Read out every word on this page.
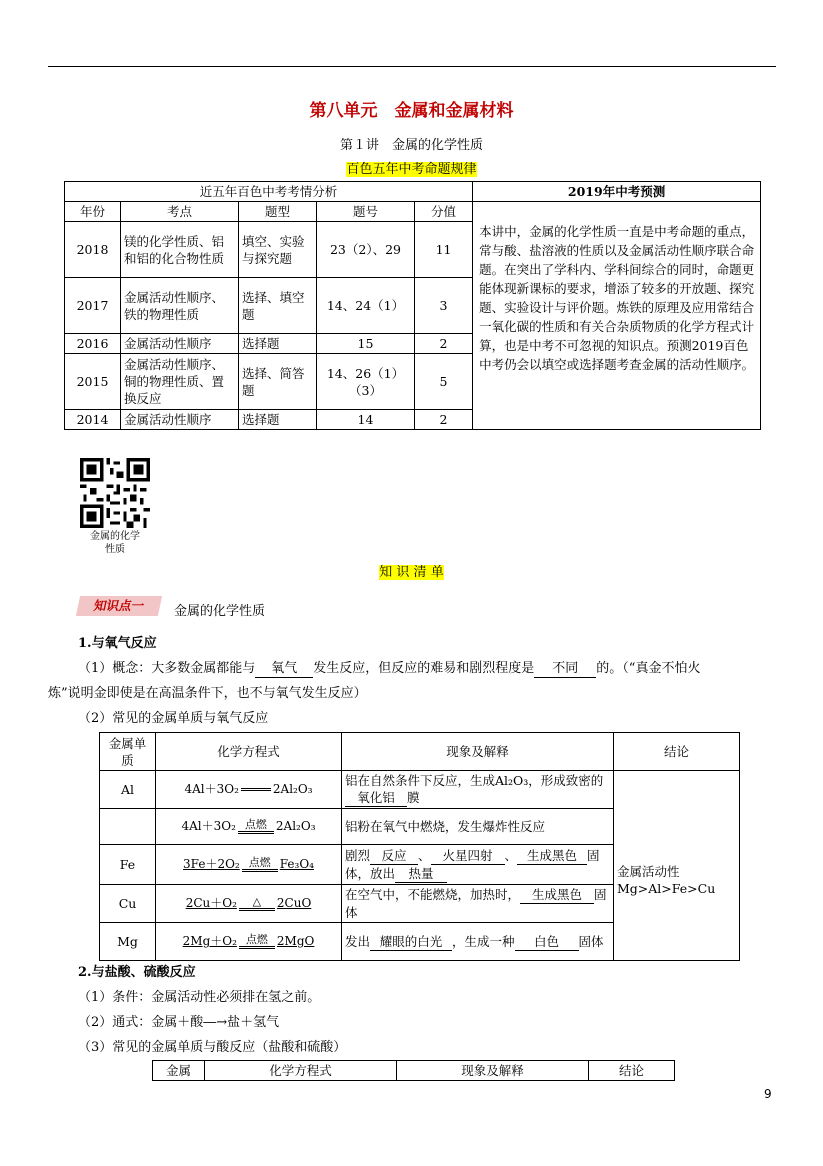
第八单元　金属和金属材料
第１讲　金属的化学性质
百色五年中考命题规律
近五年百色中考考情分析					2019年中考预测
年份	考点	题型	题号	分值	本讲中，金属的化学性质一直是中考命题的重点，常与酸、盐溶液的性质以及金属活动性顺序联合命题。在突出了学科内、学科间综合的同时，命题更能体现新课标的要求，增添了较多的开放题、探究题、实验设计与评价题。炼铁的原理及应用常结合一氧化碳的性质和有关合杂质物质的化学方程式计算，也是中考不可忽视的知识点。预测2019百色中考仍会以填空或选择题考查金属的活动性顺序。
2018	镁的化学性质、铝和铝的化合物性质	填空、实验与探究题	23（2）、29	11	
2017	金属活动性顺序、铁的物理性质	选择、填空题	14、24（1）	3	
2016	金属活动性顺序	选择题	15	2	
2015	金属活动性顺序、铜的物理性质、置换反应	选择、简答题	14、26（1）（3）	5	
2014	金属活动性顺序	选择题	14	2	
金属的化学
性质
知 识 清 单
知识点一	金属的化学性质
1.与氧气反应
（1）概念：大多数金属都能与 氧气 发生反应，但反应的难易和剧烈程度是 不同 的。（“真金不怕火
炼”说明金即使是在高温条件下，也不与氧气发生反应）
（2）常见的金属单质与氧气反应
金属单质	化学方程式	现象及解释	结论
Al	4Al＋3O₂ 2Al₂O₃	铝在自然条件下反应，生成Al₂O₃，形成致密的氧化铝 膜	金属活动性
Mg>Al>Fe>Cu

	4Al＋3O₂ 点燃 2Al₂O₃	铝粉在氧气中燃烧，发生爆炸性反应	
Fe	3Fe＋2O₂ 点燃 Fe₃O₄	剧烈 反应 、 火星四射 、 生成黑色 固体，放出 热量	
Cu	2Cu＋O₂ △ 2CuO	在空气中，不能燃烧，加热时， 生成黑色 固体	
Mg	2Mg＋O₂ 点燃 2MgO	发出 耀眼的白光 ，生成一种 白色 固体	
2.与盐酸、硫酸反应
（1）条件：金属活动性必须排在氢之前。
（2）通式：金属＋酸―→盐＋氢气
（3）常见的金属单质与酸反应（盐酸和硫酸）
金属	化学方程式	现象及解释	结论
9
